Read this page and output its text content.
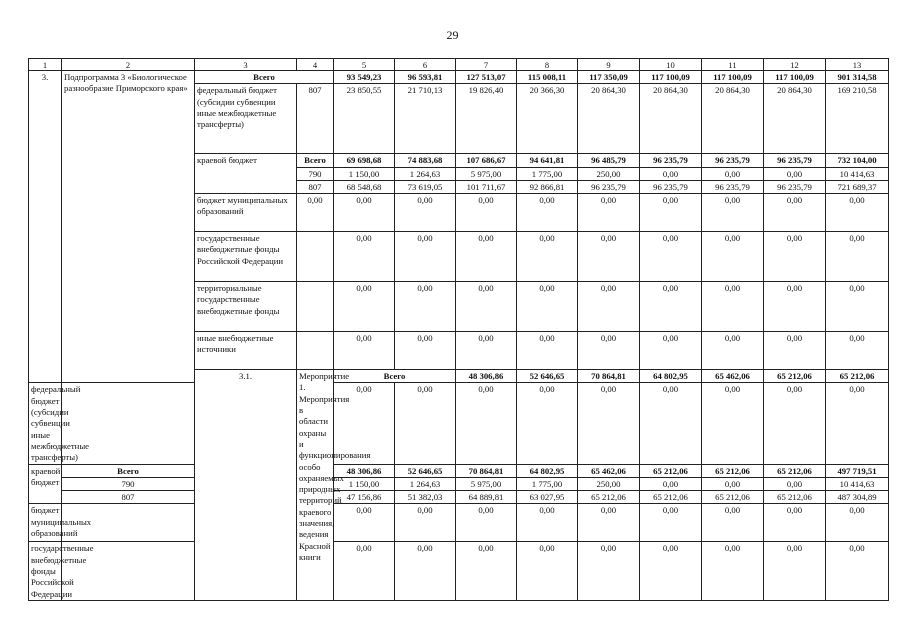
29
1	2	3	4	5	6	7	8	9	10	11	12	13	
3.	Подпрограмма 3 «Биологическое разнообразие Приморского края»	Всего		93 549,23	96 593,81	127 513,07	115 008,11	117 350,09	117 100,09	117 100,09	117 100,09	901 314,58	
		федеральный бюджет (субсидии субвенции иные межбюджетные трансферты)	807	23 850,55	21 710,13	19 826,40	20 366,30	20 864,30	20 864,30	20 864,30	20 864,30	169 210,58	
		краевой бюджет	Всего	69 698,68	74 883,68	107 686,67	94 641,81	96 485,79	96 235,79	96 235,79	96 235,79	732 104,00	
			790	1 150,00	1 264,63	5 975,00	1 775,00	250,00	0,00	0,00	0,00	10 414,63	
			807	68 548,68	73 619,05	101 711,67	92 866,81	96 235,79	96 235,79	96 235,79	96 235,79	721 689,37	
		бюджет муниципальных образований	0,00	0,00	0,00	0,00	0,00	0,00	0,00	0,00	0,00	0,00	
		государственные внебюджетные фонды Российской Федерации		0,00	0,00	0,00	0,00	0,00	0,00	0,00	0,00	0,00	
		территориальные государственные внебюджетные фонды		0,00	0,00	0,00	0,00	0,00	0,00	0,00	0,00	0,00	
		иные внебюджетные источники		0,00	0,00	0,00	0,00	0,00	0,00	0,00	0,00	0,00	
		3.1.	Мероприятие 1. Мероприятия в области охраны и функционирования особо охраняемых природных территорий краевого значения, ведения Красной книги	Всего		48 306,86	52 646,65	70 864,81	64 802,95	65 462,06	65 212,06	65 212,06		
федеральный бюджет (субсидии субвенции иные межбюджетные трансферты)				0,00	0,00	0,00	0,00	0,00	0,00	0,00	0,00	0,00	
краевой бюджет	Всего			48 306,86	52 646,65	70 864,81	64 802,95	65 462,06	65 212,06	65 212,06	65 212,06	497 719,51	
	790			1 150,00	1 264,63	5 975,00	1 775,00	250,00	0,00	0,00	0,00	10 414,63	
	807			47 156,86	51 382,03	64 889,81	63 027,95	65 212,06	65 212,06	65 212,06	65 212,06	487 304,89	
бюджет муниципальных образований				0,00	0,00	0,00	0,00	0,00	0,00	0,00	0,00	0,00	
государственные внебюджетные фонды Российской Федерации				0,00	0,00	0,00	0,00	0,00	0,00	0,00	0,00	0,00	
